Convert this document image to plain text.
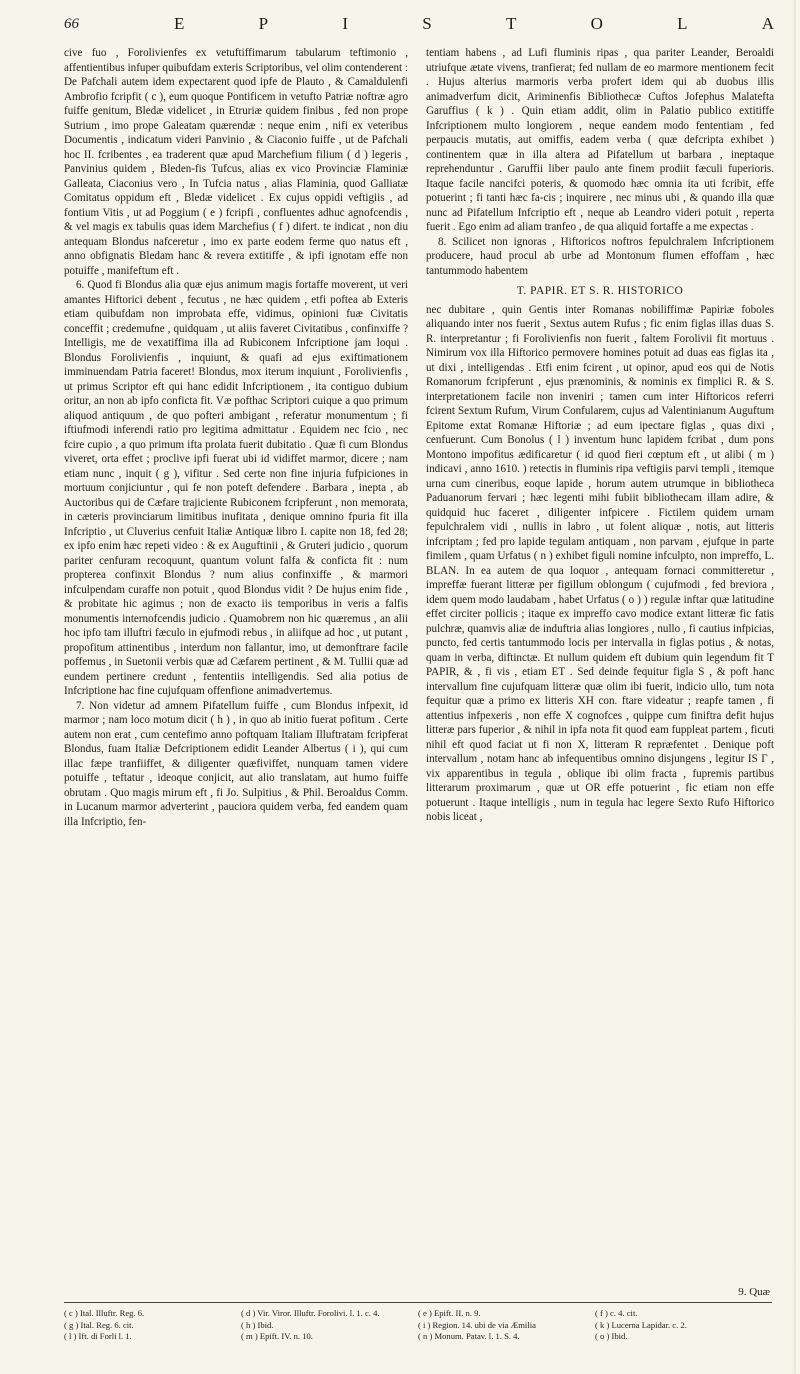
66	E	P	I	S	T	O	L	A

cive fuo , Forolivienfes ex vetuftiffimarum tabularum teftimonio , affentientibus infuper quibufdam exteris Scriptoribus, vel olim contenderent : De Pafchali autem idem expectarent quod ipfe de Plauto , & Camaldulenfi Ambrofio fcripfit ( c ), eum quoque Pontificem in vetufto Patriæ noftræ agro fuiffe genitum, Bledæ videlicet , in Etruriæ quidem finibus , fed non prope Sutrium , imo prope Galeatam quærendæ : neque enim , nifi ex veteribus Documentis , indicatum videri Panvinio , & Ciaconio fuiffe , ut de Pafchali hoc II. fcribentes , ea traderent quæ apud Marchefium filium ( d ) legeris , Panvinius quidem , Bleden-fis Tufcus, alias ex vico Provinciæ Flaminiæ Galleata, Ciaconius vero , In Tufcia natus , alias Flaminia, quod Galliatæ Comitatus oppidum eft , Bledæ videlicet . Ex cujus oppidi veftigiis , ad fontium Vitis , ut ad Poggium ( e ) fcripfi , confluentes adhuc agnofcendis , & vel magis ex tabulis quas idem Marchefius ( f ) difert. te indicat , non diu antequam Blondus nafceretur , imo ex parte eodem ferme quo natus eft , anno obfignatis Bledam hanc & revera extitiffe , & ipfi ignotam effe non potuiffe , manifeftum eft .

6. Quod fi Blondus alia quæ ejus animum magis fortaffe moverent, ut veri amantes Hiftorici debent , fecutus , ne hæc quidem , etfi poftea ab Exteris etiam quibufdam non improbata effe, vidimus, opinioni fuæ Civitatis conceffit ; credemufne , quidquam , ut aliis faveret Civitatibus , confinxiffe ? Intelligis, me de vexatiffima illa ad Rubiconem Infcriptione jam loqui . Blondus Forolivienfis , inquiunt, & quafi ad ejus exiftimationem imminuendam Patria faceret! Blondus, mox iterum inquiunt , Forolivienfis , ut primus Scriptor eft qui hanc edidit Infcriptionem , ita contiguo dubium oritur, an non ab ipfo confictа fit. Væ pofthac Scriptori cuique a quo primum aliquod antiquum , de quo pofteri ambigant , referatur monumentum ; fi iftiufmodi inferendi ratio pro legitima admittatur . Equidem nec fcio , nec fcire cupio , a quo primum ifta prolata fuerit dubitatio . Quæ fi cum Blondus viveret, orta effet ; proclive ipfi fuerat ubi id vidiffet marmor, dicere ; nam etiam nunc , inquit ( g ), vifitur . Sed certe non fine injuria fufpiciones in mortuum conjiciuntur , qui fe non poteft defendere . Barbara , inepta , ab Auctoribus qui de Cæfare trajiciente Rubiconem fcripferunt , non memorata, in cæteris provinciarum limitibus inufitata , denique omnino fpuria fit illa Infcriptio , ut Cluverius cenfuit Italiæ Antiquæ libro I. capite non 18, fed 28; ex ipfo enim hæc repeti video : & ex Auguftinii , & Gruteri judicio , quorum pariter cenfuram recoquunt, quantum volunt falfa & conficta fit : num propterea confinxit Blondus ? num alius confinxiffe , & marmori infculpendam curaffe non potuit , quod Blondus vidit ? De hujus enim fide , & probitate hic agimus ; non de exacto iis temporibus in veris a falfis monumentis internofcendis judicio . Quamobrem non hic quæremus , an alii hoc ipfo tam illuftri fæculo in ejufmodi rebus , in aliifque ad hoc , ut putant , propofitum attinentibus , interdum non fallantur, imo, ut demonftrare facile poffemus , in Suetonii verbis quæ ad Cæfarem pertinent , & M. Tullii quæ ad eundem pertinere credunt , fententiis intelligendis. Sed alia potius de Infcriptione hac fine cujufquam offenfione animadvertemus.

7. Non videtur ad amnem Pifatellum fuiffe , cum Blondus infpexit, id marmor ; nam loco motum dicit ( h ) , in quo ab initio fuerat pofitum . Certe autem non erat , cum centefimo anno poftquam Italiam Illuftratam fcripferat Blondus, fuam Italiæ Defcriptionem edidit Leander Albertus ( i ), qui cum illac fæpe tranfiiffet, & diligenter quæfiviffet, nunquam tamen videre potuiffe , teftatur , ideoque conjicit, aut alio translatam, aut humo fuiffe obrutam . Quo magis mirum eft , fi Jo. Sulpitius , & Phil. Beroaldus Comm. in Lucanum marmor adverterint , pauciora quidem verba, fed eandem quam illa Infcriptio, fen-

tentiam habens , ad Lufi fluminis ripas , qua pariter Leander, Beroaldi utriufque ætate vivens, tranfierat; fed nullam de eo marmore mentionem fecit . Hujus alterius marmoris verba profert idem qui ab duobus illis animadverfum dicit, Ariminenfis Bibliothecæ Cuftos Jofephus Malatefta Garuffius ( k ) . Quin etiam addit, olim in Palatio publico extitiffe Infcriptionem multo longiorem , neque eandem modo fententiam , fed perpaucis mutatis, aut omiffis, eadem verba ( quæ defcripta exhibet ) continentem quæ in illa altera ad Pifatellum ut barbara , ineptaque reprehenduntur . Garuffii liber paulo ante finem prodiit fæculi fuperioris. Itaque facile nancifci poteris, & quomodo hæc omnia ita uti fcribit, effe potuerint ; fi tanti hæc fa-cis ; inquirere , nec minus ubi , & quando illa quæ nunc ad Pifatellum Infcriptio eft , neque ab Leandro videri potuit , reperta fuerit . Ego enim ad aliam tranfeo , de qua aliquid fortaffe a me expectas .

8. Scilicet non ignoras , Hiftoricos noftros fepulchralem Infcriptionem producere, haud procul ab urbe ad Montonum flumen effoffam , hæc tantummodo habentem

T. PAPIR. ET S. R. HISTORICO

nec dubitare , quin Gentis inter Romanas nobiliffimæ Papiriæ foboles aliquando inter nos fuerit , Sextus autem Rufus ; fic enim figlas illas duas S. R. interpretantur ; fi Forolivienfis non fuerit , faltem Forolivii fit mortuus . Nimirum vox illa Hiftorico permovere homines potuit ad duas eas figlas ita , ut dixi , intelligendas . Etfi enim fcirent , ut opinor, apud eos qui de Notis Romanorum fcripferunt , ejus prænominis, & nominis ex fimplici R. & S. interpretationem facile non inveniri ; tamen cum inter Hiftoricos referri fcirent Sextum Rufum, Virum Confularem, cujus ad Valentinianum Auguftum Epitome extat Romanæ Hiftoriæ ; ad eum ipectare figlas , quas dixi , cenfuerunt. Cum Bonolus ( l ) inventum hunc lapidem fcribat , dum pons Montono impofitus ædificaretur ( id quod fieri cœptum eft , ut alibi ( m ) indicavi , anno 1610. ) retectis in fluminis ripa veftigiis parvi templi , itemque urna cum cineribus, eoque lapide , horum autem utrumque in bibliotheca Paduanorum fervari ; hæc legenti mihi fubiit bibliothecam illam adire, & quidquid huc faceret , diligenter infpicere . Fictilem quidem urnam fepulchralem vidi , nullis in labro , ut folent aliquæ , notis, aut litteris infcriptam ; fed pro lapide tegulam antiquam , non parvam , ejufque in parte fimilem , quam Urfatus ( n ) exhibet figuli nomine infculpto, non impreffo, L. BLAN. In ea autem de qua loquor , antequam fornaci committeretur , impreffæ fuerant litteræ per figillum oblongum ( cujufmodi , fed breviora , idem quem modo laudabam , habet Urfatus ( o ) ) regulæ inftar quæ latitudine effet circiter pollicis ; itaque ex impreffo cavo modice extant litteræ fic fatis pulchræ, quamvis aliæ de induftria alias longiores , nullo , fi cautius infpicias, puncto, fed certis tantummodo locis per intervalla in figlas potius , & notas, quam in verba, diftinctæ. Et nullum quidem eft dubium quin legendum fit T PAPIR, & , fi vis , etiam ET . Sed deinde fequitur figla S , & poft hanc intervallum fine cujufquam litteræ quæ olim ibi fuerit, indicio ullo, tum nota fequitur quæ a primo ex litteris XH con. ftare videatur ; reapfe tamen , fi attentius infpexeris , non effe X cognofces , quippe cum finiftra defit hujus litteræ pars fuperior , & nihil in ipfa nota fit quod eam fuppleat partem , ficuti nihil eft quod faciat ut fi non X, litteram R repræfentet . Denique poft intervallum , notam hanc ab infequentibus omnino disjungens , legitur IS Γ , vix apparentibus in tegula , oblique ibi olim fracta , fupremis partibus litterarum proximarum , quæ ut OR effe potuerint , fic etiam non effe potuerunt . Itaque intelligis , num in tegula hac legere Sexto Rufo Hiftorico nobis liceat ,

9. Quæ
( c ) Ital. Illuftr. Reg. 6.	( d ) Vir. Viror. Illuftr. Forolivi. l. 1. c. 4.	( e ) Epift. II. n. 9.	( f ) c. 4. cit.
( g ) Ital. Reg. 6. cit.	( h ) Ibid.	( i ) Region. 14. ubi de via Æmilia	( k ) Lucerna Lapidar. c. 2.
( l ) Ift. di Forli l. 1.	( m ) Epift. IV. n. 10.	( n ) Monum. Patav. l. 1. S. 4.	( o ) Ibid.
